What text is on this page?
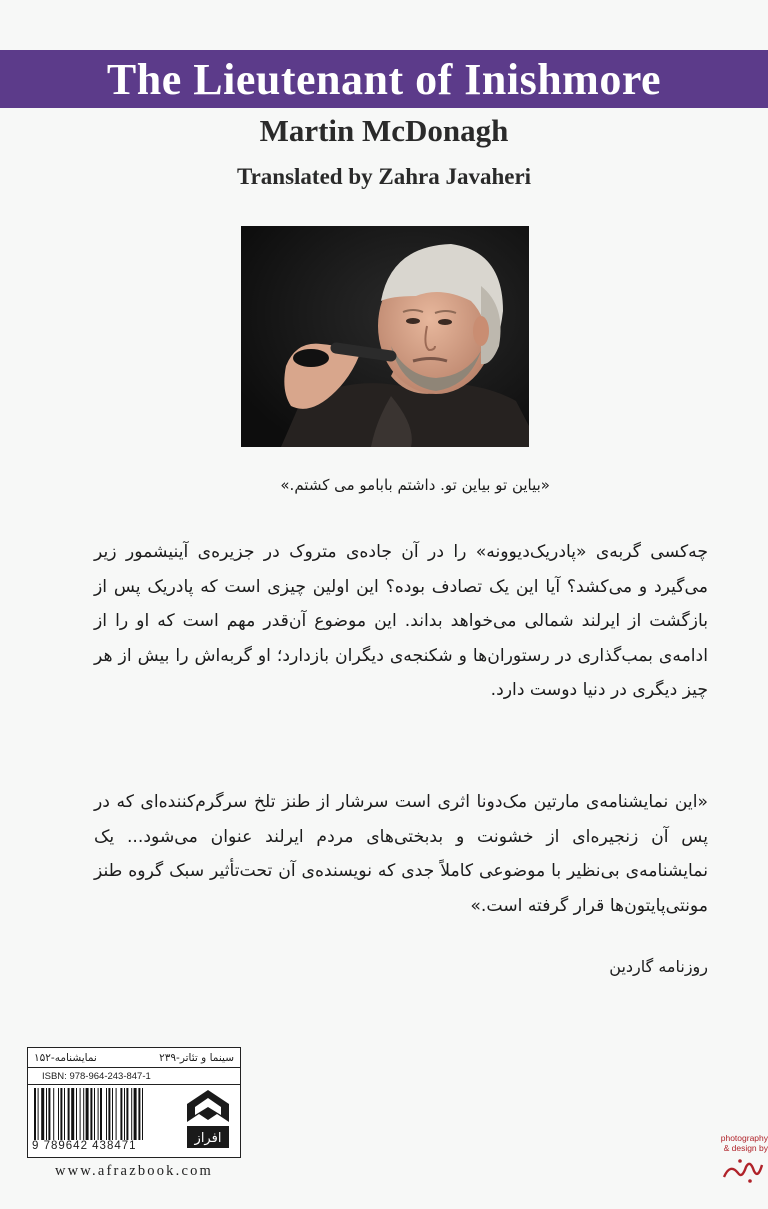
The Lieutenant of Inishmore
Martin McDonagh
Translated by Zahra Javaheri
«بیاین تو بیاین تو. داشتم بابامو می کشتم.»
چه‌کسی گربه‌ی «پادریک‌دیوونه» را در آن جاده‌ی متروک در جزیره‌ی آینیشمور زیر می‌گیرد و می‌کشد؟ آیا این یک تصادف بوده؟ این اولین چیزی است که پادریک پس از بازگشت از ایرلند شمالی می‌خواهد بداند. این موضوع آن‌قدر مهم است که او را از ادامه‌ی بمب‌گذاری در رستوران‌ها و شکنجه‌ی دیگران بازدارد؛ او گربه‌اش را بیش از هر چیز دیگری در دنیا دوست دارد.
«این نمایشنامه‌ی مارتین مک‌دونا اثری است سرشار از طنز تلخ سرگرم‌کننده‌ای که در پس آن زنجیره‌ای از خشونت و بدبختی‌های مردم ایرلند عنوان می‌شود... یک نمایشنامه‌ی بی‌نظیر با موضوعی کاملاً جدی که نویسنده‌ی آن تحت‌تأثیر سبک گروه طنز مونتی‌پایتون‌ها قرار گرفته است.»
روزنامه گاردین
سینما و تئاتر-۲۳۹
نمایشنامه-۱۵۲
ISBN: 978-964-243-847-1
9 789642 438471	افراز
www.afrazbook.com
photography
& design by
